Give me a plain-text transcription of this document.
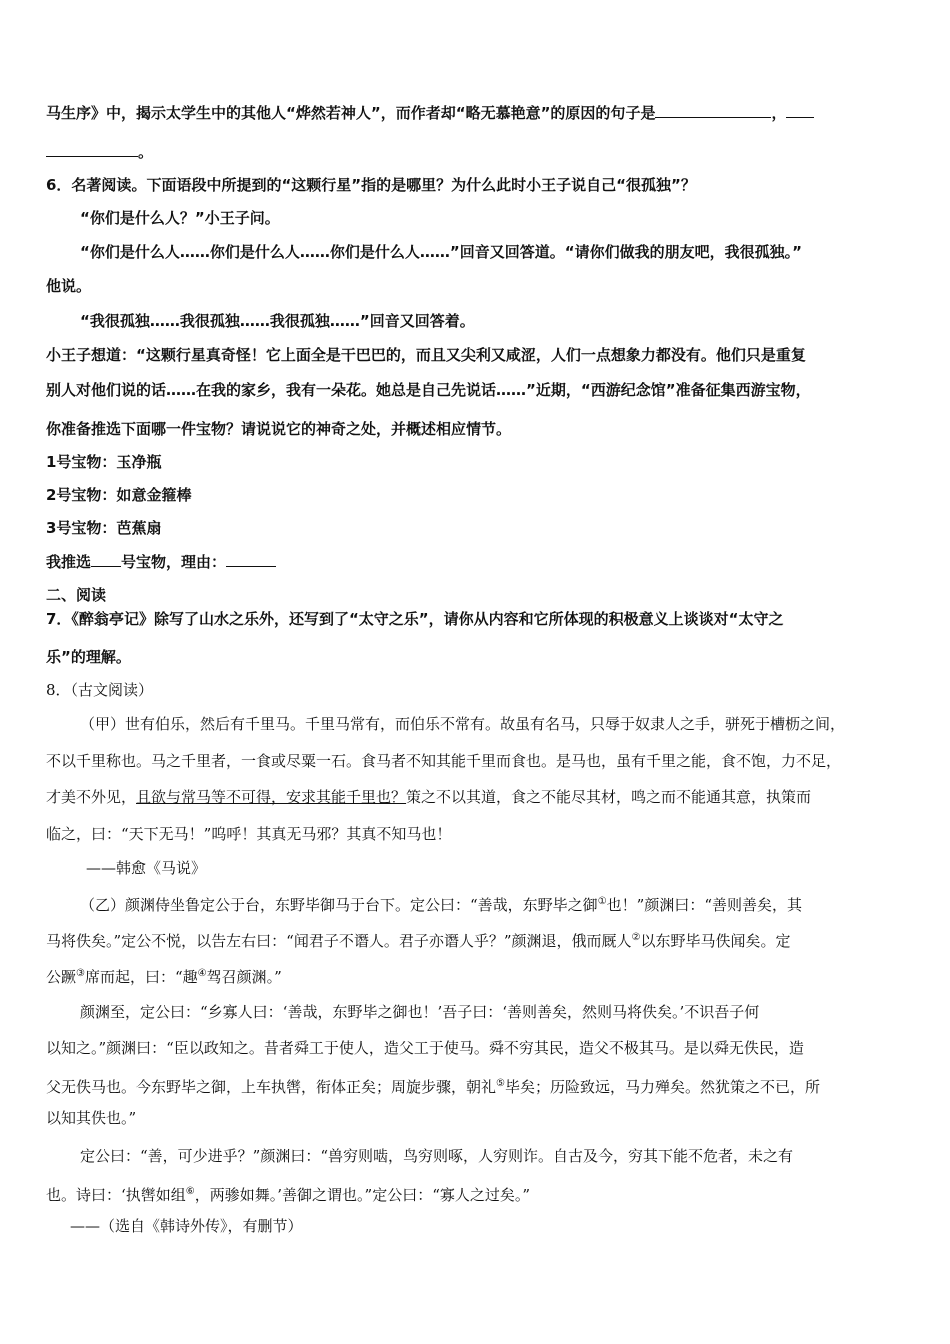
马生序》中，揭示太学生中的其他人“烨然若神人”，而作者却“略无慕艳意”的原因的句子是	，
。
6．名著阅读。下面语段中所提到的“这颗行星”指的是哪里？为什么此时小王子说自己“很孤独”？
“你们是什么人？”小王子问。
“你们是什么人……你们是什么人……你们是什么人……”回音又回答道。“请你们做我的朋友吧，我很孤独。”
他说。
“我很孤独……我很孤独……我很孤独……”回音又回答着。
小王子想道：“这颗行星真奇怪！它上面全是干巴巴的，而且又尖利又咸涩，人们一点想象力都没有。他们只是重复
别人对他们说的话……在我的家乡，我有一朵花。她总是自己先说话……”近期，“西游纪念馆”准备征集西游宝物，
你准备推选下面哪一件宝物？请说说它的神奇之处，并概述相应情节。
1号宝物：玉净瓶
2号宝物：如意金箍棒
3号宝物：芭蕉扇
我推选 号宝物，理由：
二、阅读
7．《醉翁亭记》除写了山水之乐外，还写到了“太守之乐”，请你从内容和它所体现的积极意义上谈谈对“太守之
乐”的理解。
8．（古文阅读）
（甲）世有伯乐，然后有千里马。千里马常有，而伯乐不常有。故虽有名马，只辱于奴隶人之手，骈死于槽枥之间，
不以千里称也。马之千里者，一食或尽粟一石。食马者不知其能千里而食也。是马也，虽有千里之能，食不饱，力不足，
才美不外见，且欲与常马等不可得，安求其能千里也？策之不以其道，食之不能尽其材，鸣之而不能通其意，执策而
临之，曰：“天下无马！”呜呼！其真无马邪？其真不知马也！
——韩愈《马说》
（乙）颜渊侍坐鲁定公于台，东野毕御马于台下。定公曰：“善哉，东野毕之御①也！”颜渊曰：“善则善矣，其
马将佚矣。”定公不悦，以告左右曰：“闻君子不谮人。君子亦谮人乎？”颜渊退，俄而厩人②以东野毕马佚闻矣。定
公蹶③席而起，曰：“趣④驾召颜渊。”
颜渊至，定公曰：“乡寡人曰：‘善哉，东野毕之御也！’吾子曰：‘善则善矣，然则马将佚矣。’不识吾子何
以知之。”颜渊曰：“臣以政知之。昔者舜工于使人，造父工于使马。舜不穷其民，造父不极其马。是以舜无佚民，造
父无佚马也。今东野毕之御，上车执辔，衔体正矣；周旋步骤，朝礼⑤毕矣；历险致远，马力殚矣。然犹策之不已，所
以知其佚也。”
定公曰：“善，可少进乎？”颜渊曰：“兽穷则啮，鸟穷则啄，人穷则诈。自古及今，穷其下能不危者，未之有
也。诗曰：‘执辔如组⑥，两骖如舞。’善御之谓也。”定公曰：“寡人之过矣。”
——（选自《韩诗外传》，有删节）
